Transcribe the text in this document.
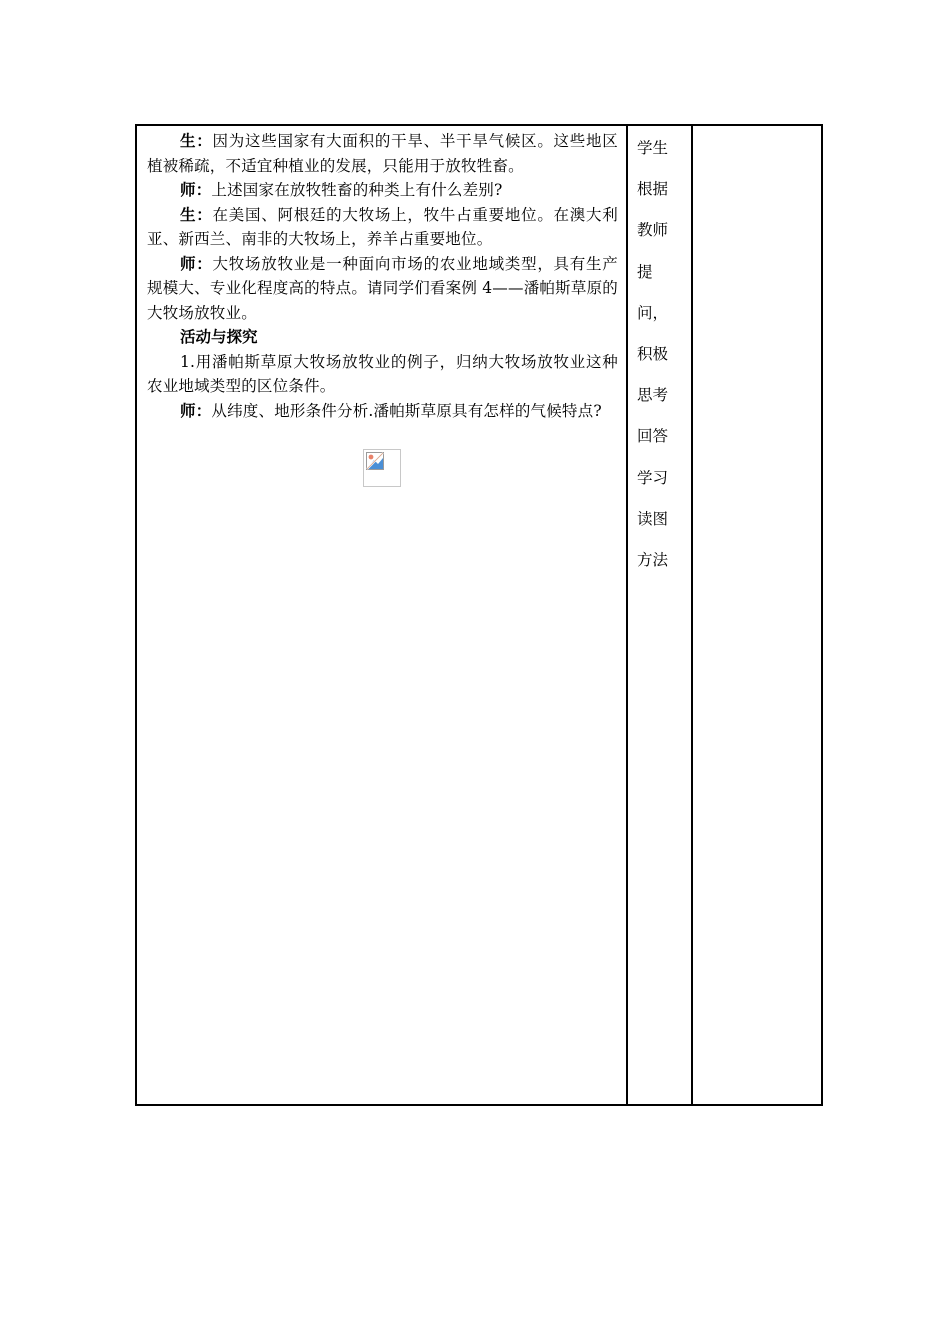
生：因为这些国家有大面积的干旱、半干旱气候区。这些地区植被稀疏，不适宜种植业的发展，只能用于放牧牲畜。

师：上述国家在放牧牲畜的种类上有什么差别?

生：在美国、阿根廷的大牧场上，牧牛占重要地位。在澳大利亚、新西兰、南非的大牧场上，养羊占重要地位。

师：大牧场放牧业是一种面向市场的农业地域类型，具有生产规模大、专业化程度高的特点。请同学们看案例 4——潘帕斯草原的大牧场放牧业。

活动与探究

1.用潘帕斯草原大牧场放牧业的例子，归纳大牧场放牧业这种农业地域类型的区位条件。

师：从纬度、地形条件分析.潘帕斯草原具有怎样的气候特点?

学生

根据

教师

提

问，

积极

思考

回答

学习

读图

方法
